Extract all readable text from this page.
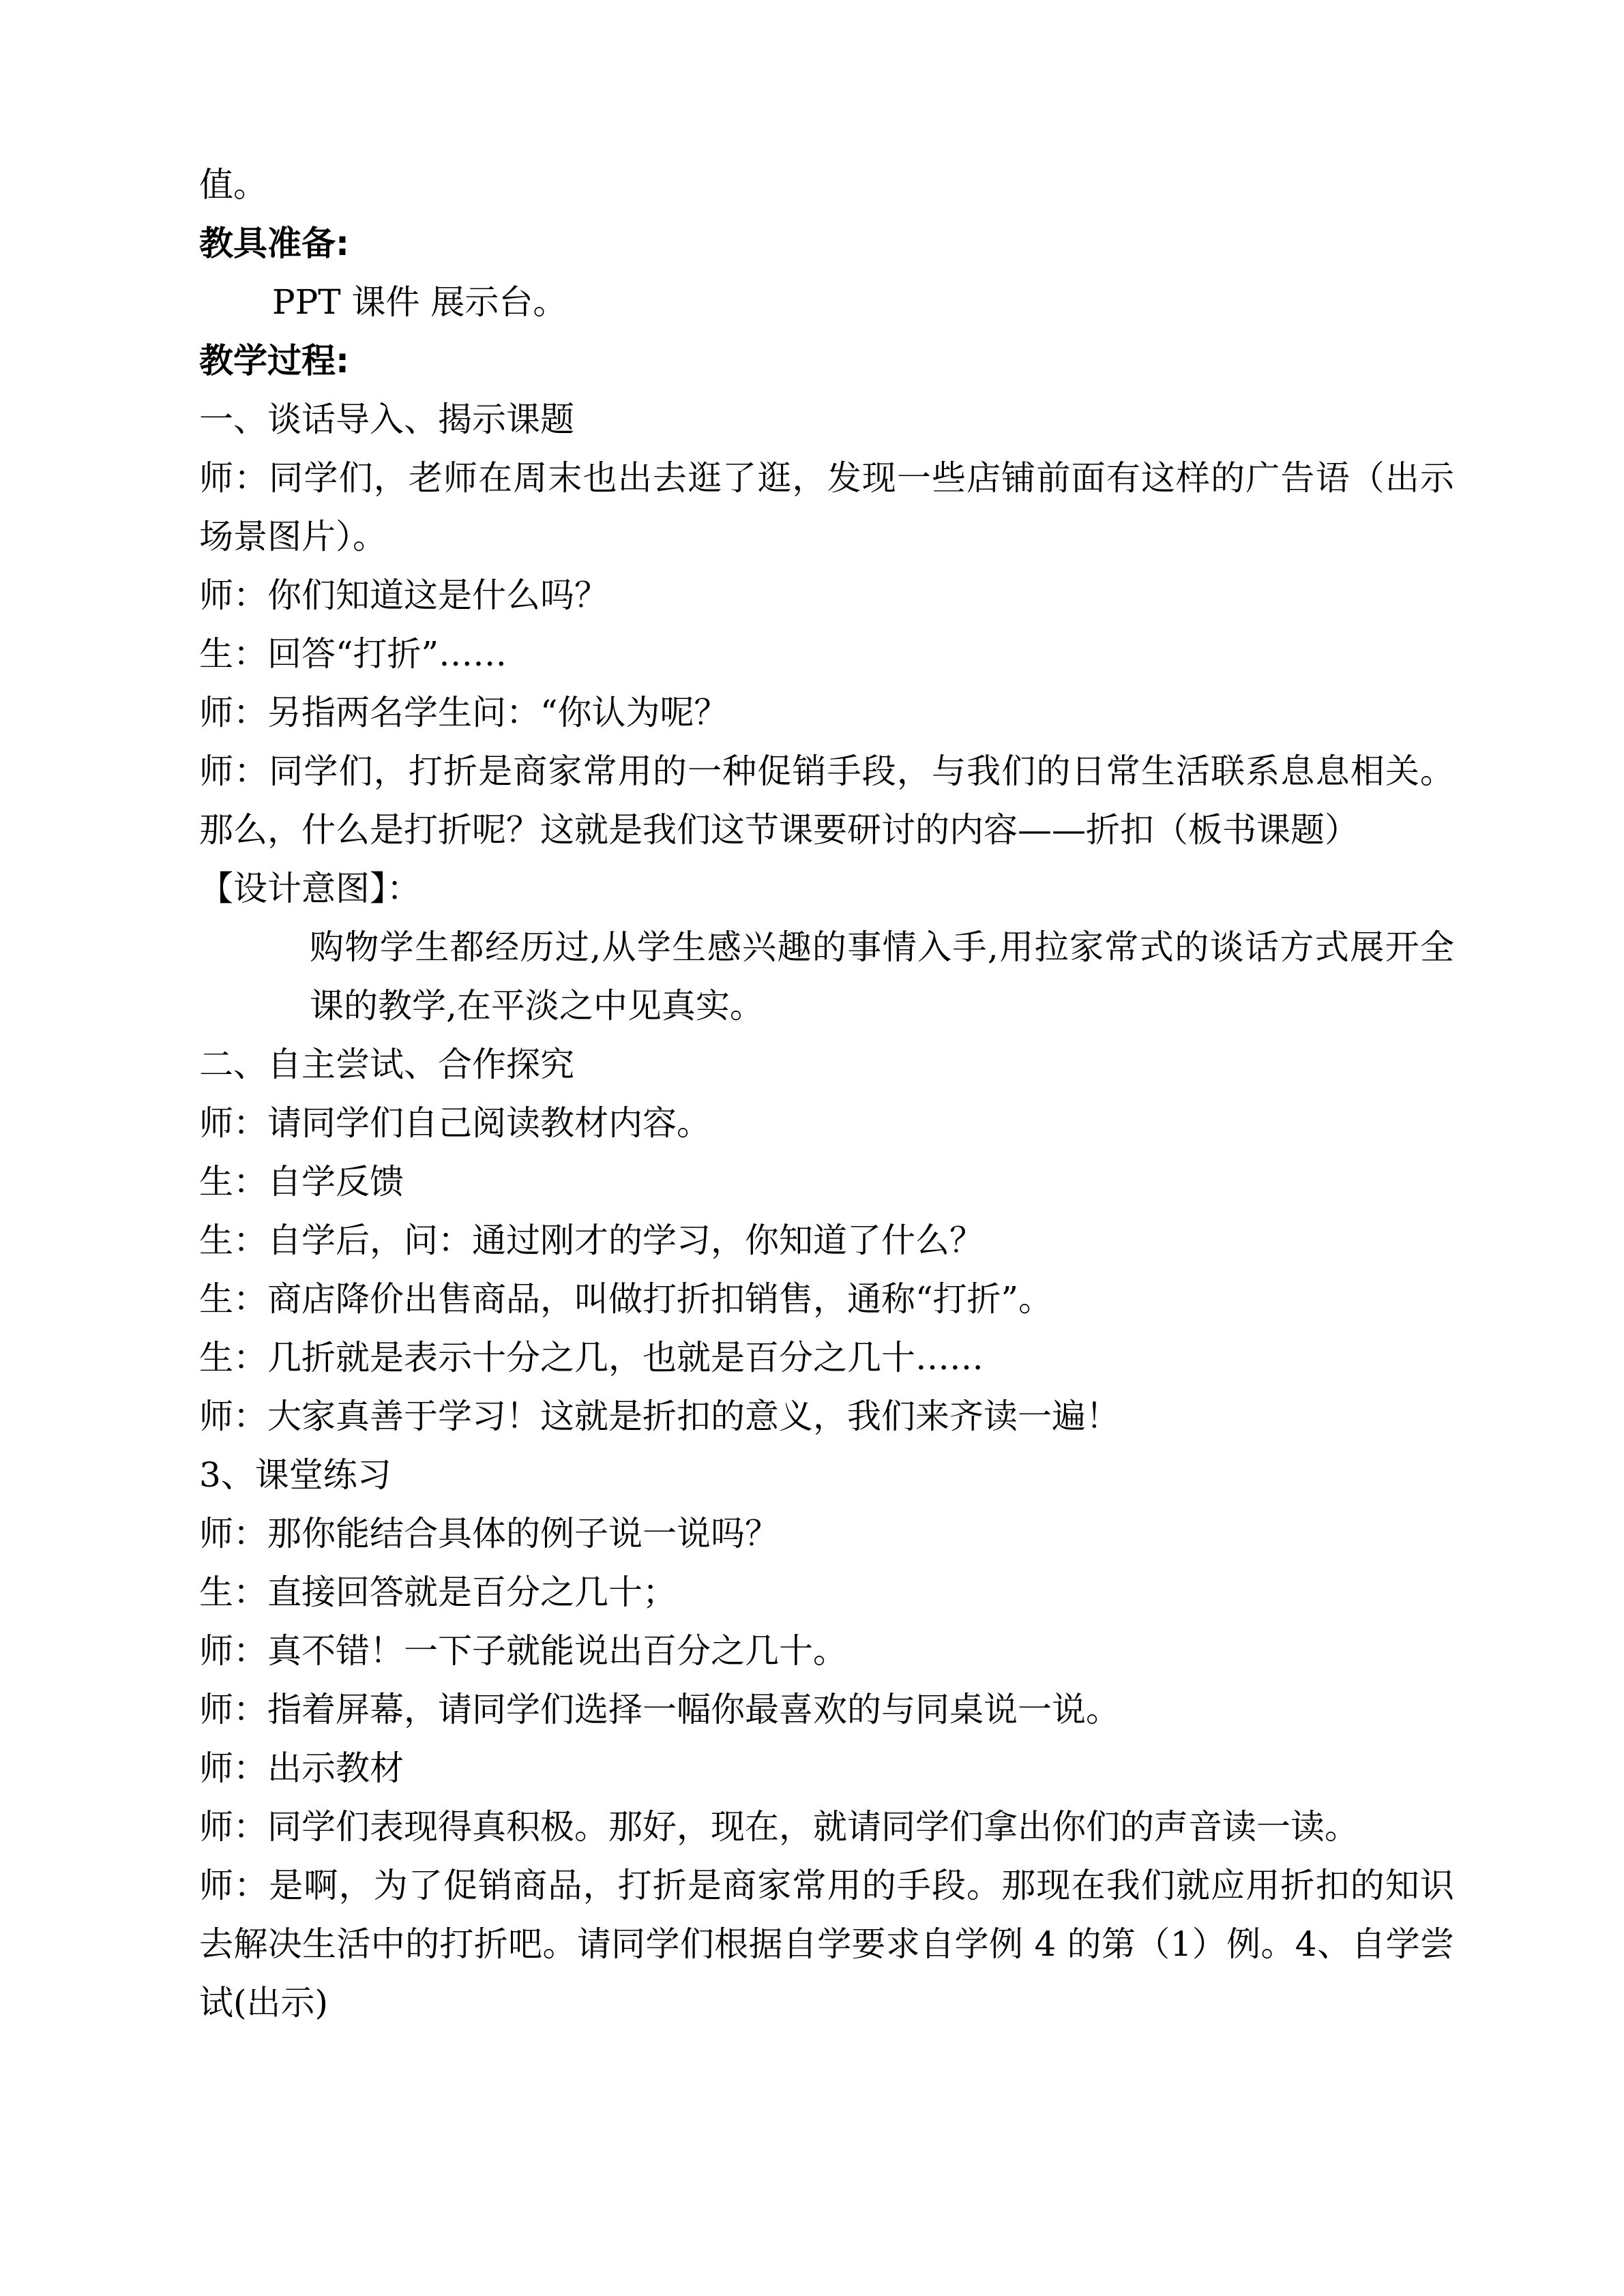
值。
教具准备:
PPT 课件 展示台。
教学过程:
一、谈话导入、揭示课题
师：同学们，老师在周末也出去逛了逛，发现一些店铺前面有这样的广告语（出示场景图片）。
师：你们知道这是什么吗？
生：回答“打折”……
师：另指两名学生问：“你认为呢？
师：同学们，打折是商家常用的一种促销手段，与我们的日常生活联系息息相关。那么，什么是打折呢？这就是我们这节课要研讨的内容——折扣（板书课题）
【设计意图】：
购物学生都经历过,从学生感兴趣的事情入手,用拉家常式的谈话方式展开全课的教学,在平淡之中见真实。
二、自主尝试、合作探究
师：请同学们自己阅读教材内容。
生：自学反馈
生：自学后，问：通过刚才的学习，你知道了什么？
生：商店降价出售商品，叫做打折扣销售，通称“打折”。
生：几折就是表示十分之几，也就是百分之几十……
师：大家真善于学习！这就是折扣的意义，我们来齐读一遍！
3、课堂练习
师：那你能结合具体的例子说一说吗？
生：直接回答就是百分之几十；
师：真不错！一下子就能说出百分之几十。
师：指着屏幕，请同学们选择一幅你最喜欢的与同桌说一说。
师：出示教材
师：同学们表现得真积极。那好，现在，就请同学们拿出你们的声音读一读。
师：是啊，为了促销商品，打折是商家常用的手段。那现在我们就应用折扣的知识去解决生活中的打折吧。请同学们根据自学要求自学例 4 的第（1）例。4、自学尝试(出示)
